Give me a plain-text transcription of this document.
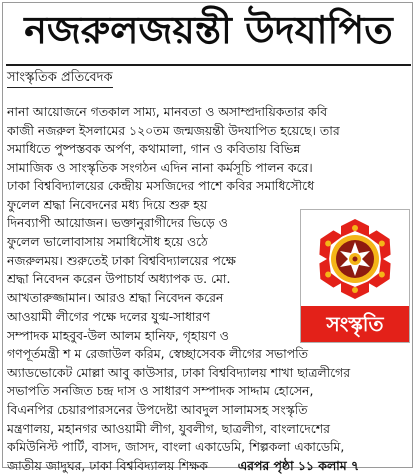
নজরুলজয়ন্তী উদযাপিত
সাংস্কৃতিক প্রতিবেদক
নানা আয়োজনে গতকাল সাম্য, মানবতা ও অসাম্প্রদায়িকতার কবি
কাজী নজরুল ইসলামের ১২০তম জন্মজয়ন্তী উদযাপিত হয়েছে। তার
সমাধিতে পুষ্পস্তবক অর্পণ, কথামালা, গান ও কবিতায় বিভিন্ন
সামাজিক ও সাংস্কৃতিক সংগঠন এদিন নানা কর্মসূচি পালন করে।
ঢাকা বিশ্ববিদ্যালয়ের কেন্দ্রীয় মসজিদের পাশে কবির সমাধিসৌধে
ফুলেল শ্রদ্ধা নিবেদনের মধ্য দিয়ে শুরু হয়
দিনব্যাপী আয়োজন। ভক্তানুরাগীদের ভিড়ে ও
ফুলেল ভালোবাসায় সমাধিসৌধ হয়ে ওঠে
নজরুলময়। শুরুতেই ঢাকা বিশ্ববিদ্যালয়ের পক্ষে
শ্রদ্ধা নিবেদন করেন উপাচার্য অধ্যাপক ড. মো.
আখতারুজ্জামান। আরও শ্রদ্ধা নিবেদন করেন
আওয়ামী লীগের পক্ষে দলের যুগ্ম-সাধারণ
সম্পাদক মাহবুব-উল আলম হানিফ, গৃহায়ণ ও
গণপূর্তমন্ত্রী শ ম রেজাউল করিম, স্বেচ্ছাসেবক লীগের সভাপতি
অ্যাডভোকেট মোল্লা আবু কাউসার, ঢাকা বিশ্ববিদ্যালয় শাখা ছাত্রলীগের
সভাপতি সনজিত চন্দ্র দাস ও সাধারণ সম্পাদক সাদ্দাম হোসেন,
বিএনপির চেয়ারপারসনের উপদেষ্টা আবদুল সালামসহ সংস্কৃতি
মন্ত্রণালয়, মহানগর আওয়ামী লীগ, যুবলীগ, ছাত্রলীগ, বাংলাদেশের
কমিউনিস্ট পার্টি, বাসদ, জাসদ, বাংলা একাডেমি, শিল্পকলা একাডেমি,
জাতীয় জাদুঘর, ঢাকা বিশ্ববিদ্যালয় শিক্ষক এরপর পৃষ্ঠা ১১ কলাম ৭
সংস্কৃতি
